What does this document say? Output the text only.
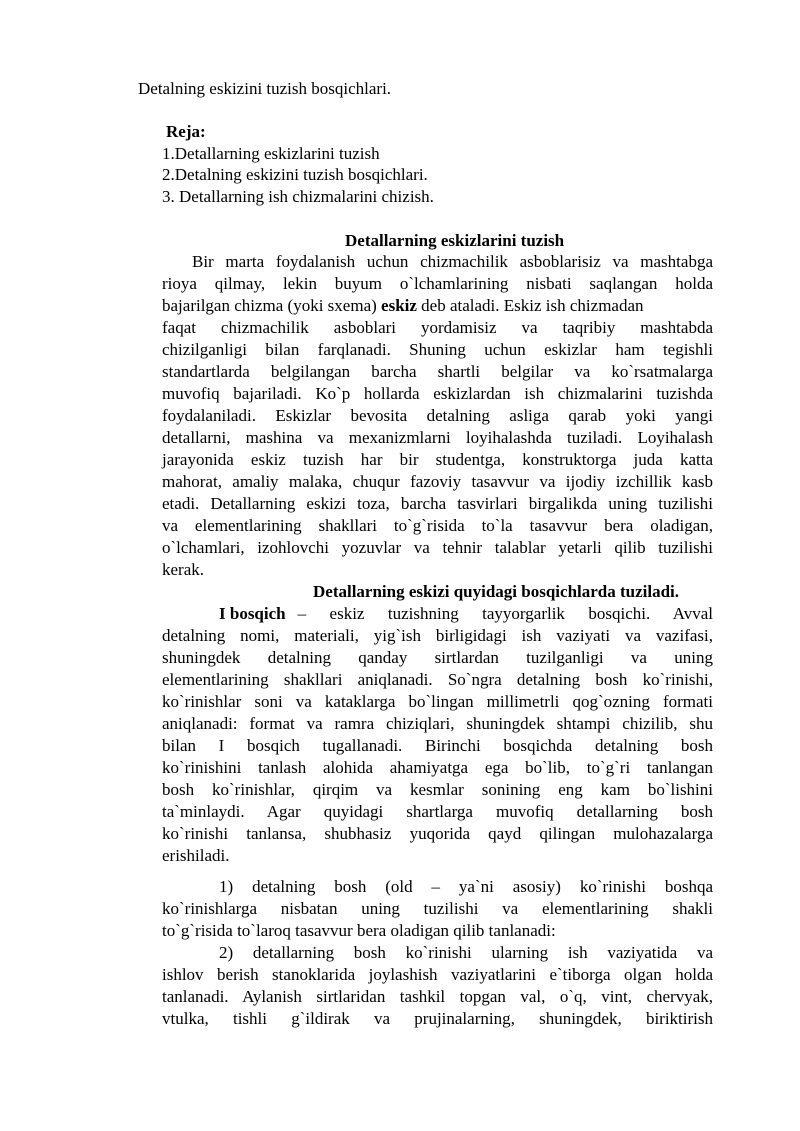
Detalning eskizini tuzish bosqichlari.
Reja:
1.Detallarning eskizlarini tuzish
2.Detalning eskizini tuzish bosqichlari.
3. Detallarning ish chizmalarini chizish.
Detallarning eskizlarini tuzish
Bir marta foydalanish uchun chizmachilik asboblarisiz va mashtabga
rioya qilmay, lekin buyum o`lchamlarining nisbati saqlangan holda
bajarilgan chizma (yoki sxema) eskiz deb ataladi. Eskiz ish chizmadan
faqat chizmachilik asboblari yordamisiz va taqribiy mashtabda
chizilganligi bilan farqlanadi. Shuning uchun eskizlar ham tegishli
standartlarda belgilangan barcha shartli belgilar va ko`rsatmalarga
muvofiq bajariladi. Ko`p hollarda eskizlardan ish chizmalarini tuzishda
foydalaniladi. Eskizlar bevosita detalning asliga qarab yoki yangi
detallarni, mashina va mexanizmlarni loyihalashda tuziladi. Loyihalash
jarayonida eskiz tuzish har bir studentga, konstruktorga juda katta
mahorat, amaliy malaka, chuqur fazoviy tasavvur va ijodiy izchillik kasb
etadi. Detallarning eskizi toza, barcha tasvirlari birgalikda uning tuzilishi
va elementlarining shakllari to`g`risida to`la tasavvur bera oladigan,
o`lchamlari, izohlovchi yozuvlar va tehnir talablar yetarli qilib tuzilishi
kerak.
Detallarning eskizi quyidagi bosqichlarda tuziladi.
I bosqich – eskiz tuzishning tayyorgarlik bosqichi. Avval
detalning nomi, materiali, yig`ish birligidagi ish vaziyati va vazifasi,
shuningdek detalning qanday sirtlardan tuzilganligi va uning
elementlarining shakllari aniqlanadi. So`ngra detalning bosh ko`rinishi,
ko`rinishlar soni va kataklarga bo`lingan millimetrli qog`ozning formati
aniqlanadi: format va ramra chiziqlari, shuningdek shtampi chizilib, shu
bilan I bosqich tugallanadi. Birinchi bosqichda detalning bosh
ko`rinishini tanlash alohida ahamiyatga ega bo`lib, to`g`ri tanlangan
bosh ko`rinishlar, qirqim va kesmlar sonining eng kam bo`lishini
ta`minlaydi. Agar quyidagi shartlarga muvofiq detallarning bosh
ko`rinishi tanlansa, shubhasiz yuqorida qayd qilingan mulohazalarga
erishiladi.
1) detalning bosh (old – ya`ni asosiy) ko`rinishi boshqa
ko`rinishlarga nisbatan uning tuzilishi va elementlarining shakli
to`g`risida to`laroq tasavvur bera oladigan qilib tanlanadi:
2) detallarning bosh ko`rinishi ularning ish vaziyatida va
ishlov berish stanoklarida joylashish vaziyatlarini e`tiborga olgan holda
tanlanadi. Aylanish sirtlaridan tashkil topgan val, o`q, vint, chervyak,
vtulka, tishli g`ildirak va prujinalarning, shuningdek, biriktirish
